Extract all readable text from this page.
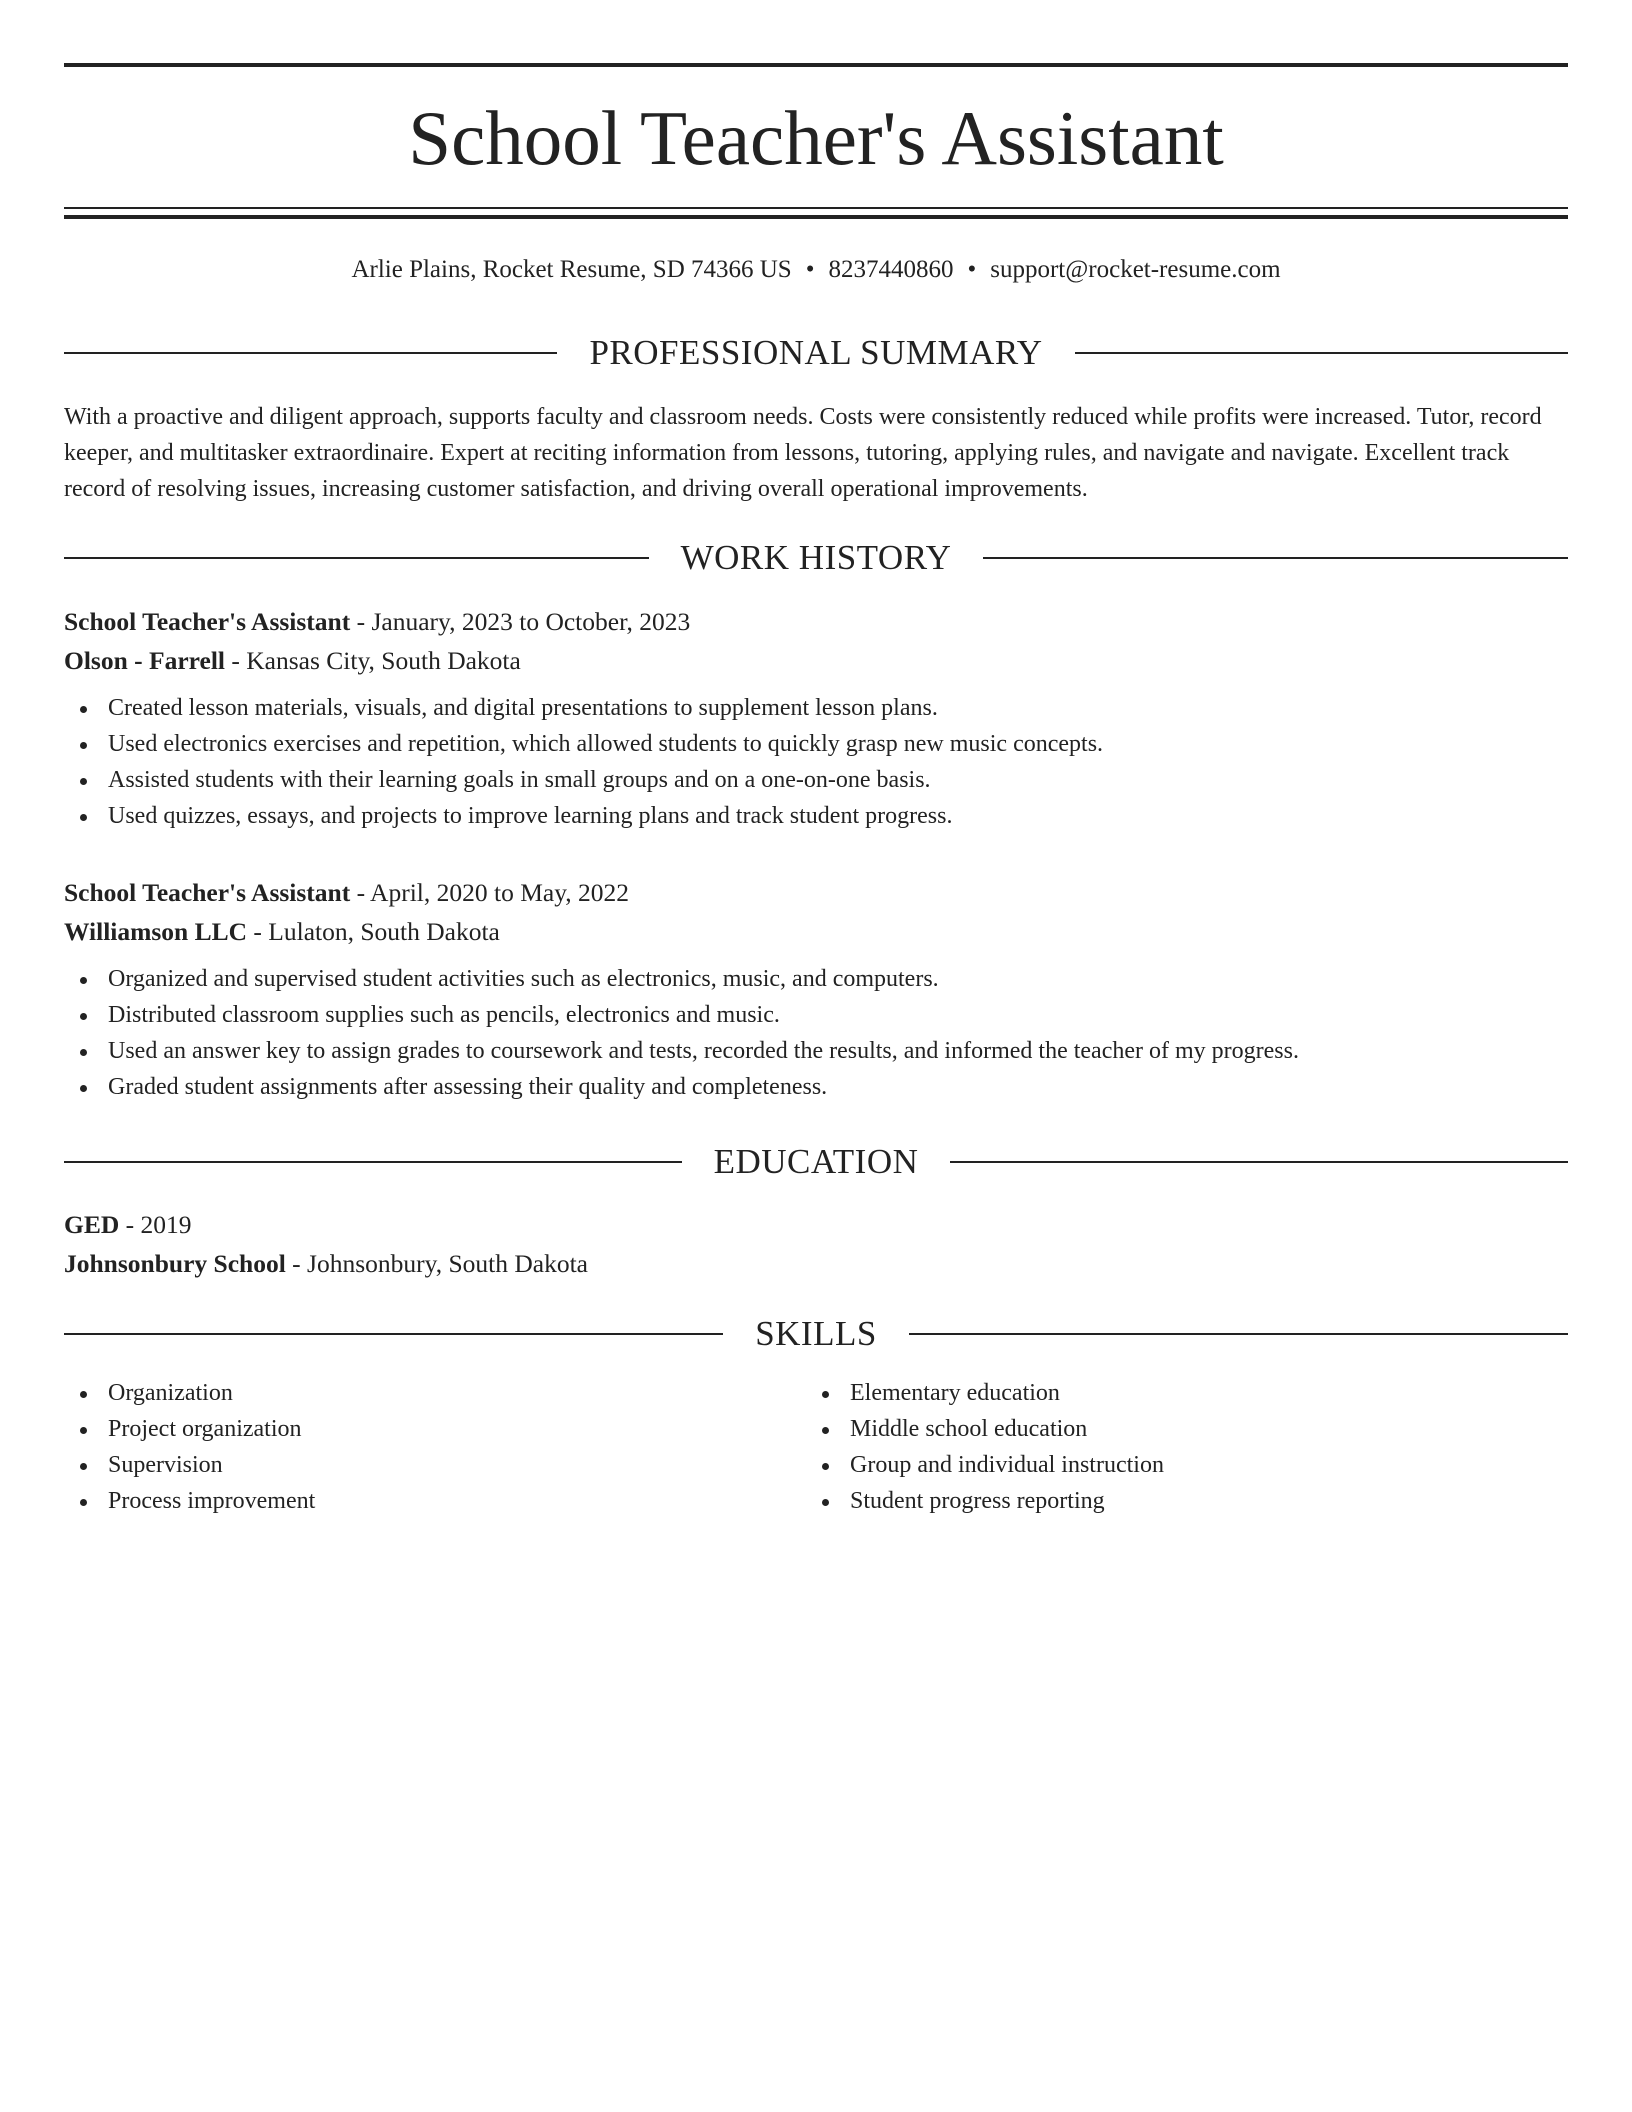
School Teacher's Assistant
Arlie Plains, Rocket Resume, SD 74366 US • 8237440860 • support@rocket-resume.com
PROFESSIONAL SUMMARY

With a proactive and diligent approach, supports faculty and classroom needs. Costs were consistently reduced while profits were increased. Tutor, record keeper, and multitasker extraordinaire. Expert at reciting information from lessons, tutoring, applying rules, and navigate and navigate. Excellent track record of resolving issues, increasing customer satisfaction, and driving overall operational improvements.

WORK HISTORY
School Teacher's Assistant - January, 2023 to October, 2023
Olson - Farrell - Kansas City, South Dakota
Created lesson materials, visuals, and digital presentations to supplement lesson plans.
Used electronics exercises and repetition, which allowed students to quickly grasp new music concepts.
Assisted students with their learning goals in small groups and on a one-on-one basis.
Used quizzes, essays, and projects to improve learning plans and track student progress.
School Teacher's Assistant - April, 2020 to May, 2022
Williamson LLC - Lulaton, South Dakota
Organized and supervised student activities such as electronics, music, and computers.
Distributed classroom supplies such as pencils, electronics and music.
Used an answer key to assign grades to coursework and tests, recorded the results, and informed the teacher of my progress.
Graded student assignments after assessing their quality and completeness.
EDUCATION
GED - 2019
Johnsonbury School - Johnsonbury, South Dakota
SKILLS
Organization
Project organization
Supervision
Process improvement
Elementary education
Middle school education
Group and individual instruction
Student progress reporting
